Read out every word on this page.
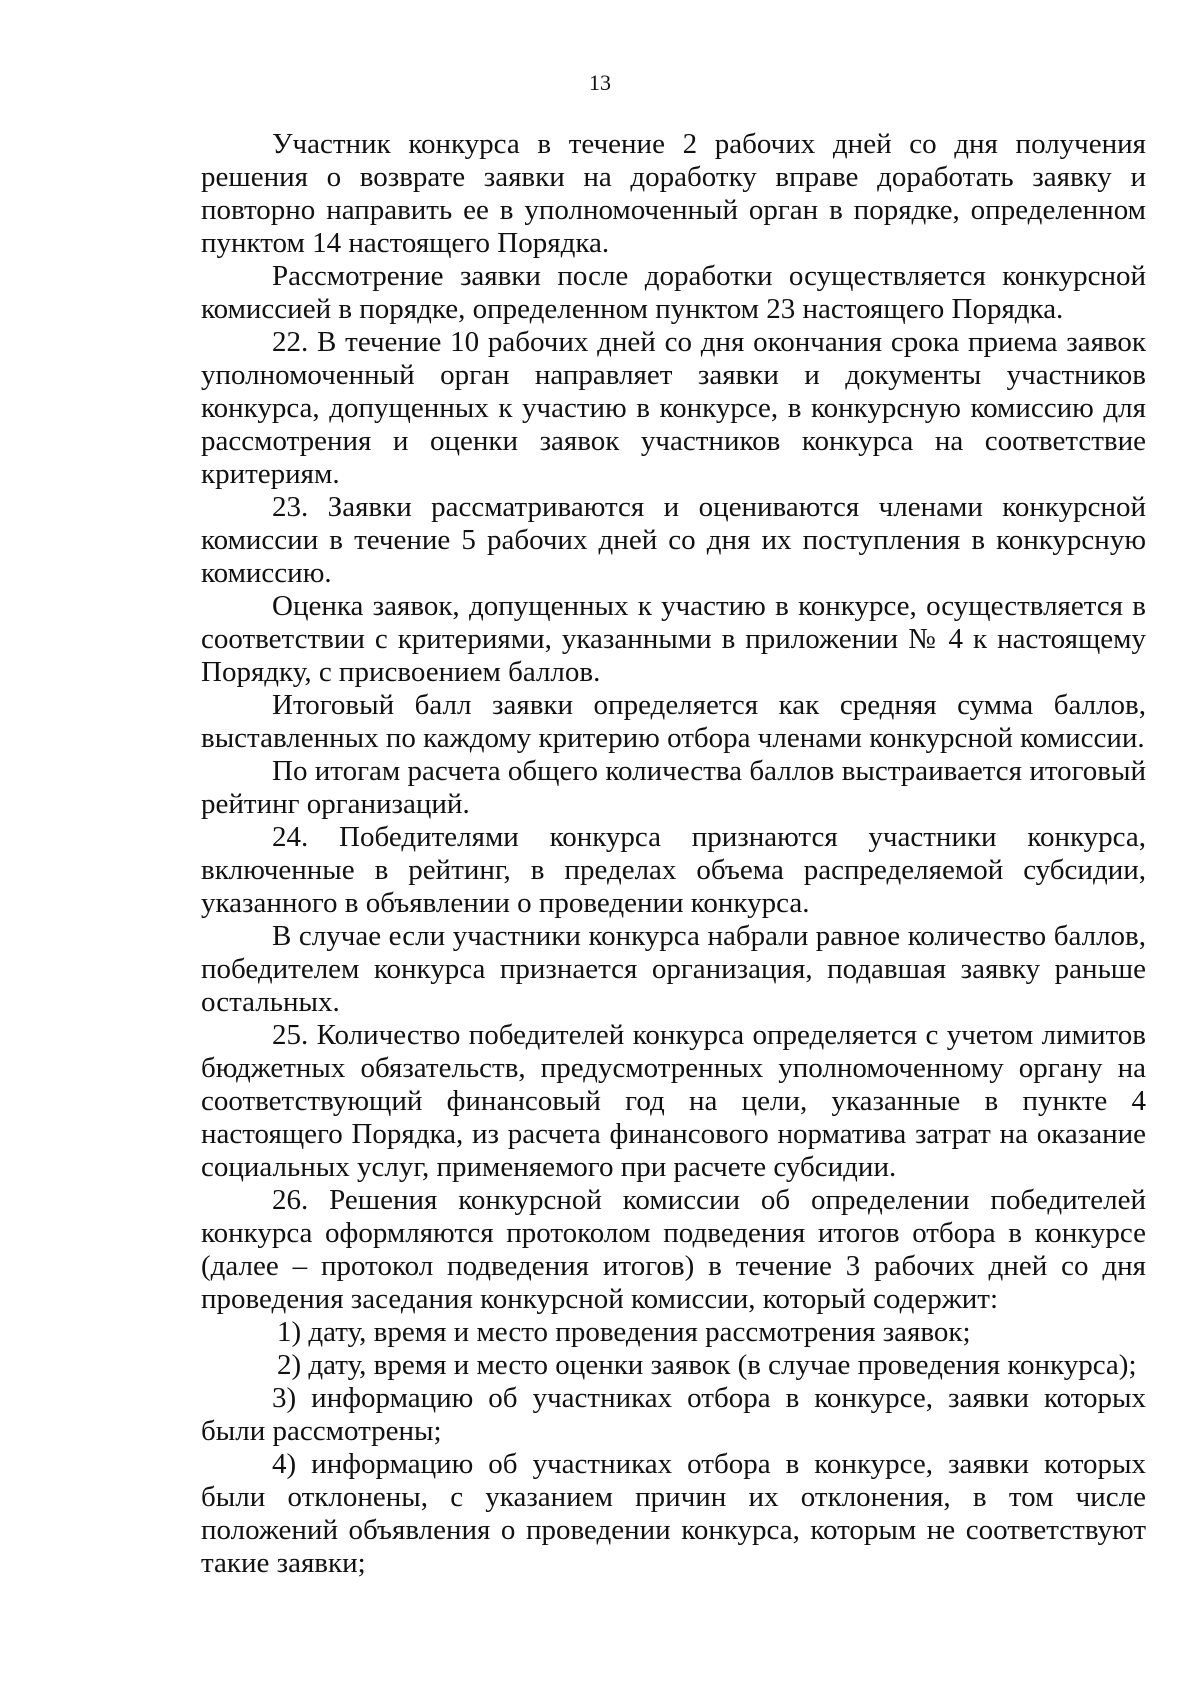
13

Участник конкурса в течение 2 рабочих дней со дня получения решения о возврате заявки на доработку вправе доработать заявку и повторно направить ее в уполномоченный орган в порядке, определенном пунктом 14 настоящего Порядка.

Рассмотрение заявки после доработки осуществляется конкурсной комиссией в порядке, определенном пунктом 23 настоящего Порядка.

22. В течение 10 рабочих дней со дня окончания срока приема заявок уполномоченный орган направляет заявки и документы участников конкурса, допущенных к участию в конкурсе, в конкурсную комиссию для рассмотрения и оценки заявок участников конкурса на соответствие критериям.

23. Заявки рассматриваются и оцениваются членами конкурсной комиссии в течение 5 рабочих дней со дня их поступления в конкурсную комиссию.

Оценка заявок, допущенных к участию в конкурсе, осуществляется в соответствии с критериями, указанными в приложении № 4 к настоящему Порядку, с присвоением баллов.

Итоговый балл заявки определяется как средняя сумма баллов, выставленных по каждому критерию отбора членами конкурсной комиссии.

По итогам расчета общего количества баллов выстраивается итоговый рейтинг организаций.

24. Победителями конкурса признаются участники конкурса, включенные в рейтинг, в пределах объема распределяемой субсидии, указанного в объявлении о проведении конкурса.

В случае если участники конкурса набрали равное количество баллов, победителем конкурса признается организация, подавшая заявку раньше остальных.

25. Количество победителей конкурса определяется с учетом лимитов бюджетных обязательств, предусмотренных уполномоченному органу на соответствующий финансовый год на цели, указанные в пункте 4 настоящего Порядка, из расчета финансового норматива затрат на оказание социальных услуг, применяемого при расчете субсидии.

26. Решения конкурсной комиссии об определении победителей конкурса оформляются протоколом подведения итогов отбора в конкурсе (далее – протокол подведения итогов) в течение 3 рабочих дней со дня проведения заседания конкурсной комиссии, который содержит:

1) дату, время и место проведения рассмотрения заявок;

2) дату, время и место оценки заявок (в случае проведения конкурса);

3) информацию об участниках отбора в конкурсе, заявки которых были рассмотрены;

4) информацию об участниках отбора в конкурсе, заявки которых были отклонены, с указанием причин их отклонения, в том числе положений объявления о проведении конкурса, которым не соответствуют такие заявки;
